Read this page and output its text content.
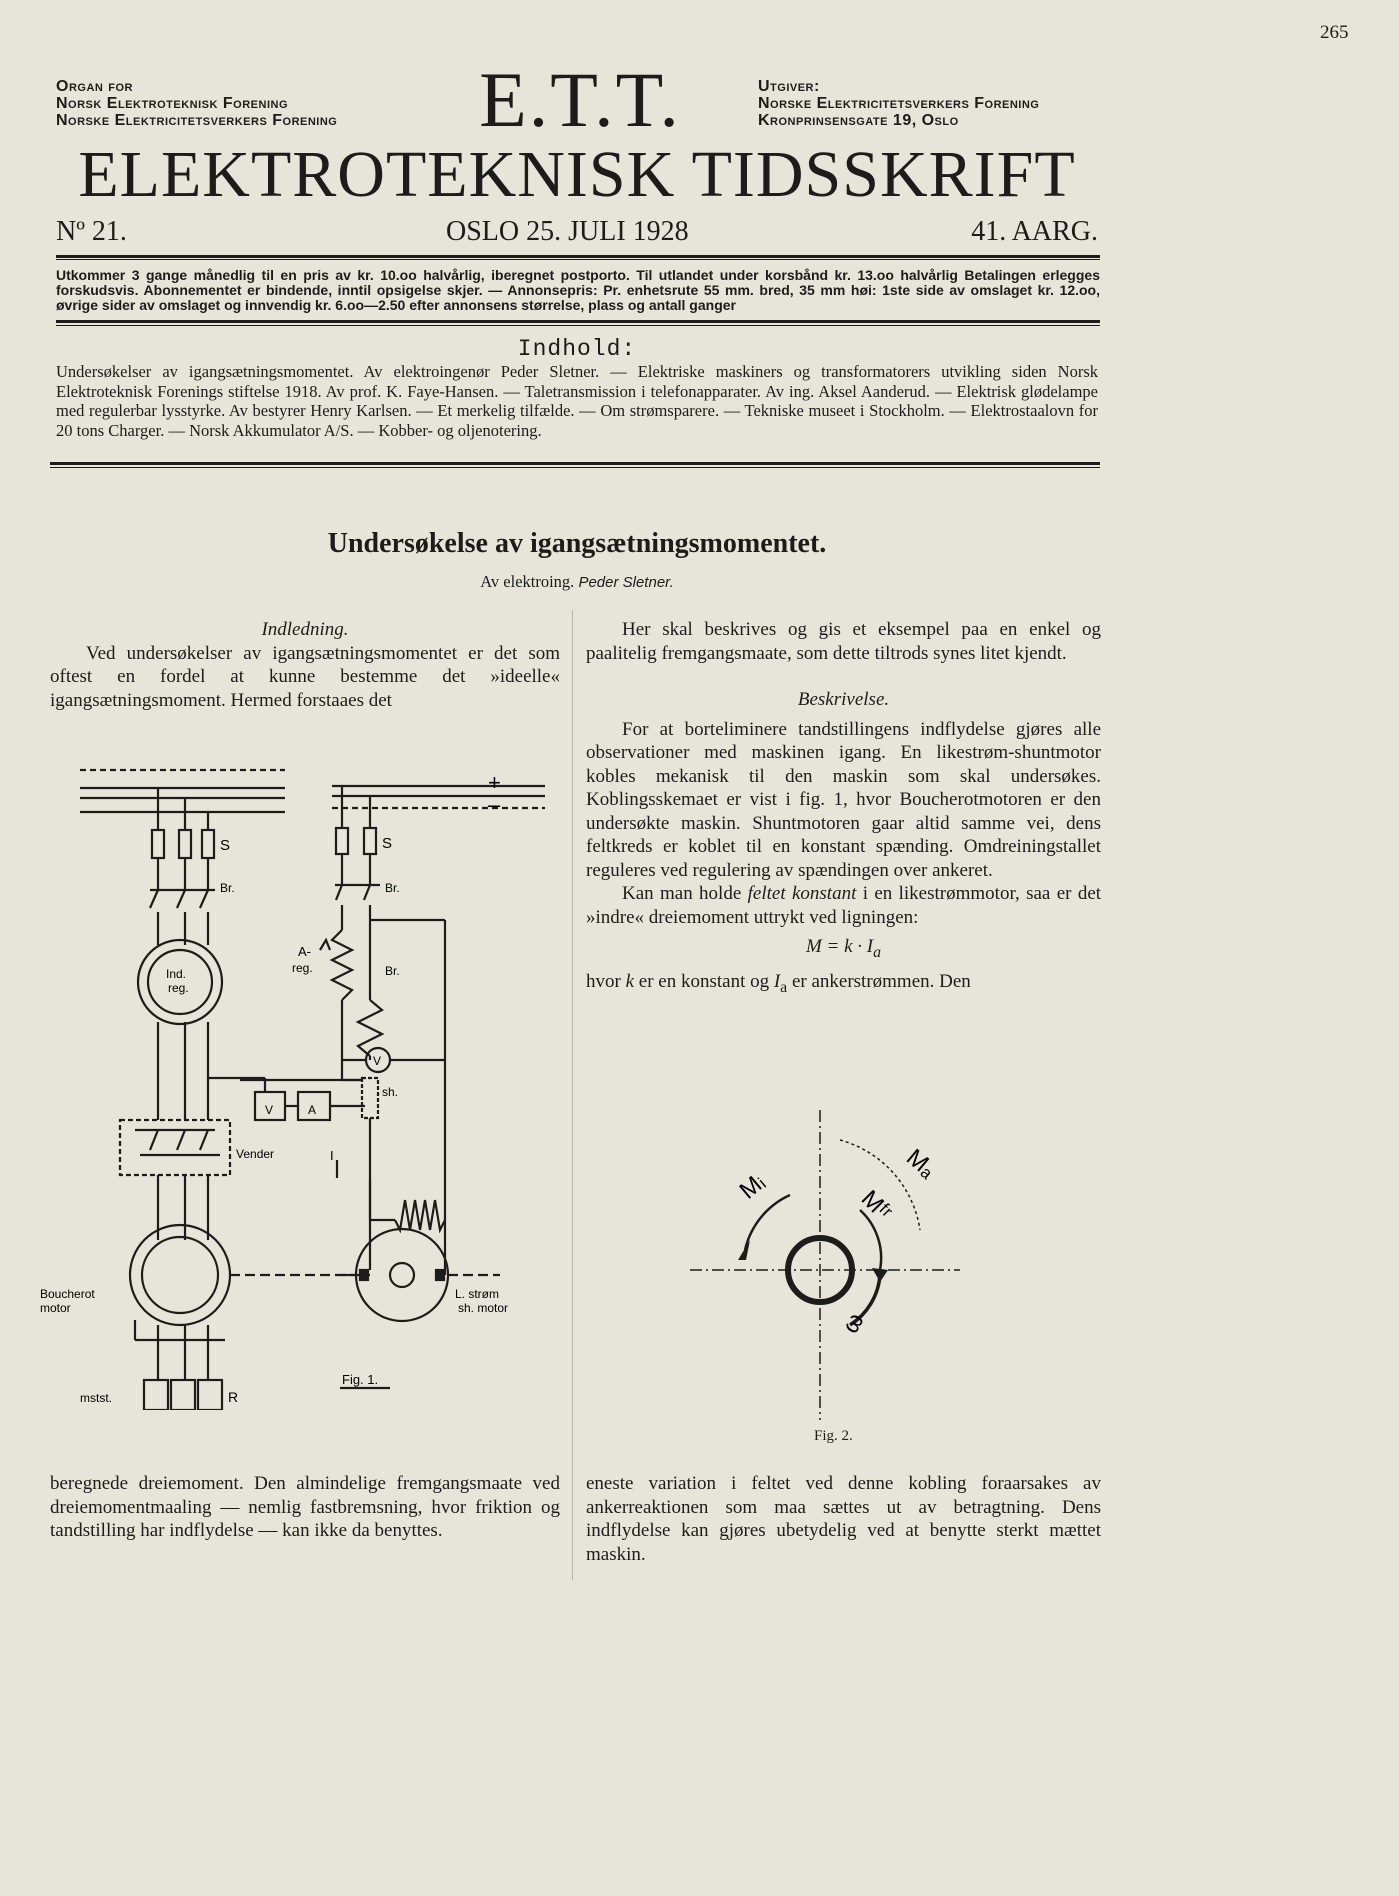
265
Organ for
Norsk Elektroteknisk Forening
Norske Elektricitetsverkers Forening E.T.T.	Utgiver:
Norske Elektricitetsverkers Forening
Kronprinsensgate 19, Oslo
ELEKTROTEKNISK TIDSSKRIFT
Nº 21.	OSLO 25. JULI 1928	41. AARG.
Utkommer 3 gange månedlig til en pris av kr. 10.oo halvårlig, iberegnet postporto. Til utlandet under korsbånd kr. 13.oo halvårlig Betalingen erlegges forskudsvis. Abonnementet er bindende, inntil opsigelse skjer. — Annonsepris: Pr. enhetsrute 55 mm. bred, 35 mm høi: 1ste side av omslaget kr. 12.oo, øvrige sider av omslaget og innvendig kr. 6.oo—2.50 efter annonsens størrelse, plass og antall ganger
Indhold:
Undersøkelser av igangsætningsmomentet. Av elektroingenør Peder Sletner. — Elektriske maskiners og transformatorers utvikling siden Norsk Elektroteknisk Forenings stiftelse 1918. Av prof. K. Faye-Hansen. — Taletransmission i telefonapparater. Av ing. Aksel Aanderud. — Elektrisk glødelampe med regulerbar lysstyrke. Av bestyrer Henry Karlsen. — Et merkelig tilfælde. — Om strømsparere. — Tekniske museet i Stockholm. — Elektrostaalovn for 20 tons Charger. — Norsk Akkumulator A/S. — Kobber- og oljenotering.
Undersøkelse av igangsætningsmomentet.
Av elektroing. Peder Sletner.
Indledning.
Ved undersøkelser av igangsætningsmomentet er det som oftest en fordel at kunne bestemme det »ideelle« igangsætningsmoment. Hermed forstaaes det
+
–
S	S
Br.	Br.
Br.
Ind.
reg.
A-
reg.
V
V	A
sh.
Vender
Boucherot
motor
mstst.	R
L. strøm
sh. motor
I
Fig. 1.
beregnede dreiemoment. Den almindelige fremgangsmaate ved dreiemomentmaaling — nemlig fastbremsning, hvor friktion og tandstilling har indflydelse — kan ikke da benyttes.
Her skal beskrives og gis et eksempel paa en enkel og paalitelig fremgangsmaate, som dette tiltrods synes litet kjendt.
Beskrivelse.
For at borteliminere tandstillingens indflydelse gjøres alle observationer med maskinen igang. En likestrøm-shuntmotor kobles mekanisk til den maskin som skal undersøkes. Koblingsskemaet er vist i fig. 1, hvor Boucherotmotoren er den undersøkte maskin. Shuntmotoren gaar altid samme vei, dens feltkreds er koblet til en konstant spænding. Omdreiningstallet reguleres ved regulering av spændingen over ankeret.
Kan man holde feltet konstant i en likestrømmotor, saa er det »indre« dreiemoment uttrykt ved ligningen:
$M = k \cdot I_a$
hvor k er en konstant og $I_a$ er ankerstrømmen. Den
Mₐ
Mᵢ	Mᶠʳ
ω
Fig. 2.
eneste variation i feltet ved denne kobling foraarsakes av ankerreaktionen som maa sættes ut av betragtning. Dens indflydelse kan gjøres ubetydelig ved at benytte sterkt mættet maskin.
